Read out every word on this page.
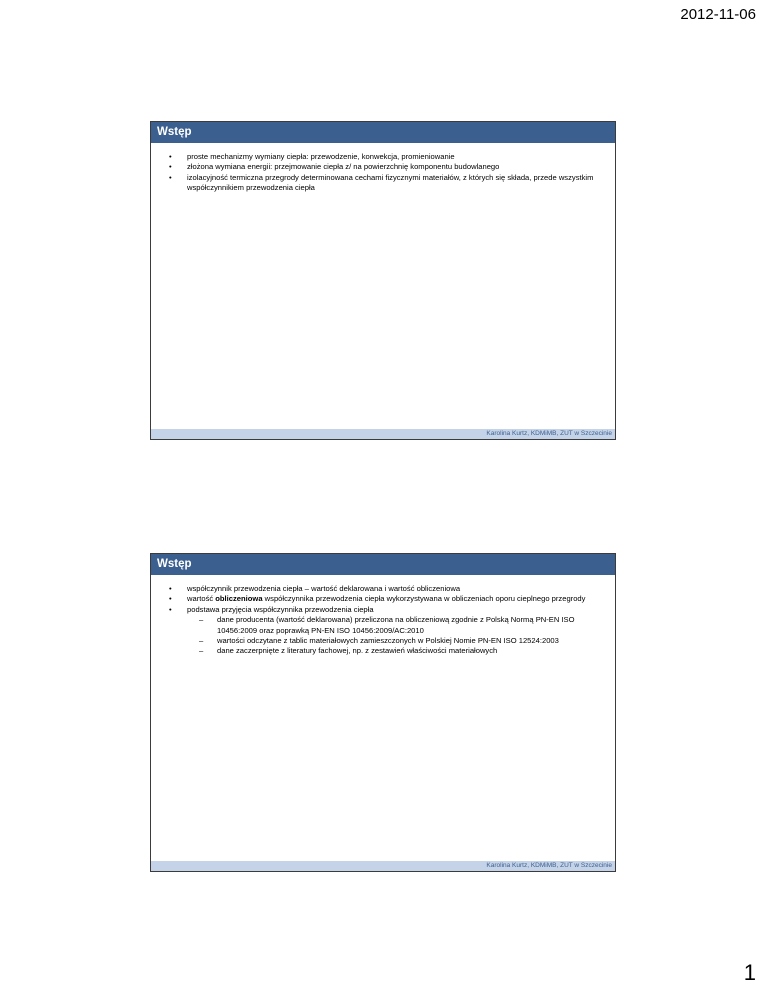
2012-11-06
Wstęp
• proste mechanizmy wymiany ciepła: przewodzenie, konwekcja, promieniowanie
• złożona wymiana energii: przejmowanie ciepła z/ na powierzchnię komponentu budowlanego
• izolacyjność termiczna przegrody determinowana cechami fizycznymi materiałów, z których się składa, przede wszystkim współczynnikiem przewodzenia ciepła
Karolina Kurtz, KDMiMB, ZUT w Szczecinie
Wstęp
• współczynnik przewodzenia ciepła – wartość deklarowana i wartość obliczeniowa
• wartość obliczeniowa współczynnika przewodzenia ciepła wykorzystywana w obliczeniach oporu cieplnego przegrody
• podstawa przyjęcia współczynnika przewodzenia ciepła
– dane producenta (wartość deklarowana) przeliczona na obliczeniową zgodnie z Polską Normą PN-EN ISO 10456:2009 oraz poprawką PN-EN ISO 10456:2009/AC:2010
– wartości odczytane z tablic materiałowych zamieszczonych w Polskiej Nomie PN-EN ISO 12524:2003
– dane zaczerpnięte z literatury fachowej, np. z zestawień właściwości materiałowych
Karolina Kurtz, KDMiMB, ZUT w Szczecinie
1
